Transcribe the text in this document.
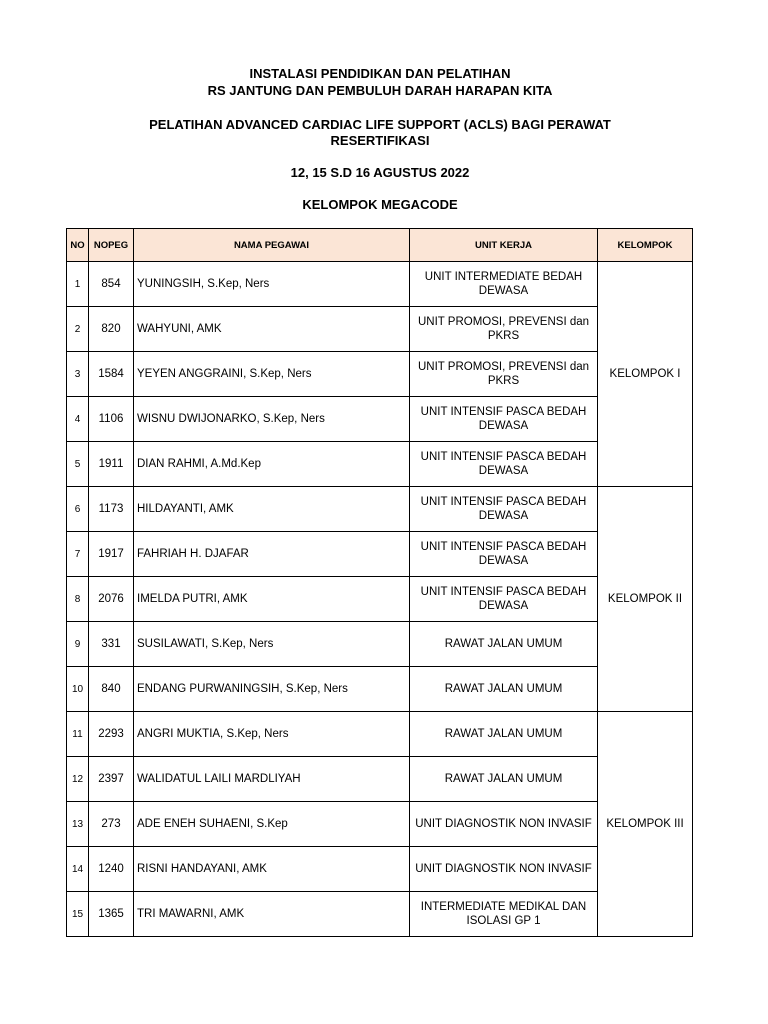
INSTALASI PENDIDIKAN DAN PELATIHAN
RS JANTUNG DAN PEMBULUH DARAH HARAPAN KITA
PELATIHAN ADVANCED CARDIAC LIFE SUPPORT (ACLS) BAGI PERAWAT
RESERTIFIKASI
12, 15 S.D 16 AGUSTUS 2022
KELOMPOK MEGACODE
NO	NOPEG	NAMA PEGAWAI	UNIT KERJA	KELOMPOK
1	854	YUNINGSIH, S.Kep, Ners	UNIT INTERMEDIATE BEDAH DEWASA	KELOMPOK I
2	820	WAHYUNI, AMK	UNIT PROMOSI, PREVENSI dan PKRS	
3	1584	YEYEN ANGGRAINI, S.Kep, Ners	UNIT PROMOSI, PREVENSI dan PKRS	
4	1106	WISNU DWIJONARKO, S.Kep, Ners	UNIT INTENSIF PASCA BEDAH DEWASA	
5	1911	DIAN RAHMI, A.Md.Kep	UNIT INTENSIF PASCA BEDAH DEWASA	
6	1173	HILDAYANTI, AMK	UNIT INTENSIF PASCA BEDAH DEWASA	KELOMPOK II
7	1917	FAHRIAH H. DJAFAR	UNIT INTENSIF PASCA BEDAH DEWASA	
8	2076	IMELDA PUTRI, AMK	UNIT INTENSIF PASCA BEDAH DEWASA	
9	331	SUSILAWATI, S.Kep, Ners	RAWAT JALAN UMUM	
10	840	ENDANG PURWANINGSIH, S.Kep, Ners	RAWAT JALAN UMUM	
11	2293	ANGRI MUKTIA, S.Kep, Ners	RAWAT JALAN UMUM	KELOMPOK III
12	2397	WALIDATUL LAILI MARDLIYAH	RAWAT JALAN UMUM	
13	273	ADE ENEH SUHAENI, S.Kep	UNIT DIAGNOSTIK NON INVASIF	
14	1240	RISNI HANDAYANI, AMK	UNIT DIAGNOSTIK NON INVASIF	
15	1365	TRI MAWARNI, AMK	INTERMEDIATE MEDIKAL DAN ISOLASI GP 1	
